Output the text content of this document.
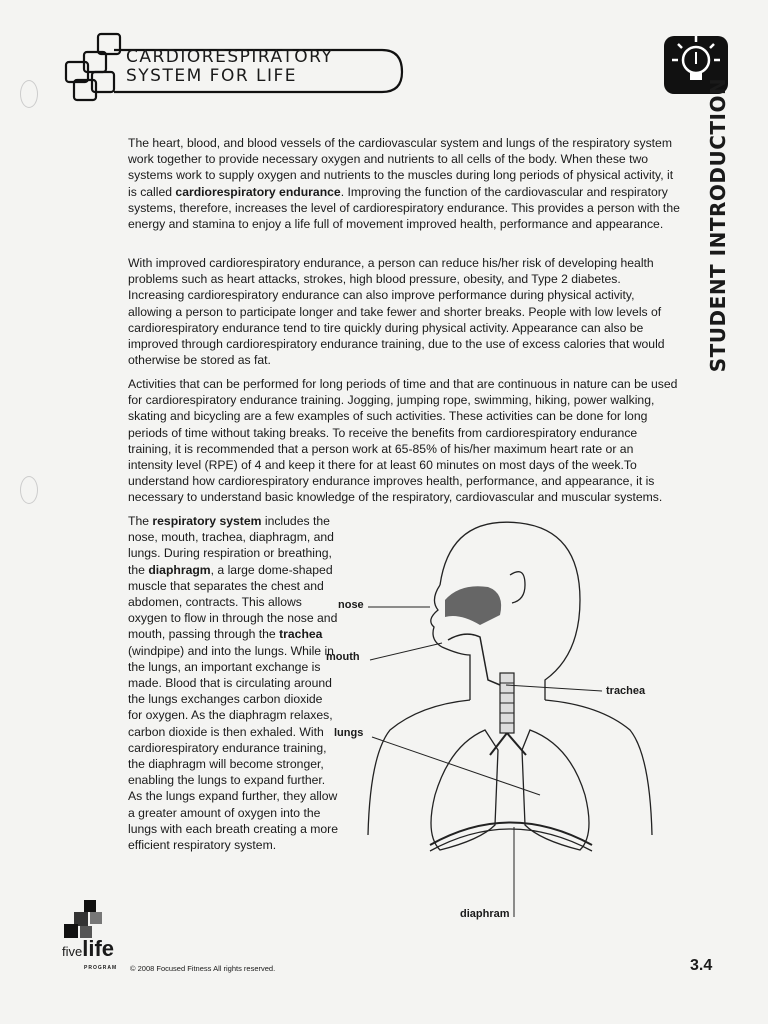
CARDIORESPIRATORY
SYSTEM FOR LIFE
STUDENT INTRODUCTION

The heart, blood, and blood vessels of the cardiovascular system and lungs of the respiratory system work together to provide necessary oxygen and nutrients to all cells of the body. When these two systems work to supply oxygen and nutrients to the muscles during long periods of physical activity, it is called cardiorespiratory endurance. Improving the function of the cardiovascular and respiratory systems, therefore, increases the level of cardiorespiratory endurance. This provides a person with the energy and stamina to enjoy a life full of movement improved health, performance and appearance.

With improved cardiorespiratory endurance, a person can reduce his/her risk of developing health problems such as heart attacks, strokes, high blood pressure, obesity, and Type 2 diabetes. Increasing cardiorespiratory endurance can also improve performance during physical activity, allowing a person to participate longer and take fewer and shorter breaks. People with low levels of cardiorespiratory endurance tend to tire quickly during physical activity. Appearance can also be improved through cardiorespiratory endurance training, due to the use of excess calories that would otherwise be stored as fat.

Activities that can be performed for long periods of time and that are continuous in nature can be used for cardiorespiratory endurance training. Jogging, jumping rope, swimming, hiking, power walking, skating and bicycling are a few examples of such activities. These activities can be done for long periods of time without taking breaks. To receive the benefits from cardiorespiratory endurance training, it is recommended that a person work at 65-85% of his/her maximum heart rate or an intensity level (RPE) of 4 and keep it there for at least 60 minutes on most days of the week.To understand how cardiorespiratory endurance improves health, performance, and appearance, it is necessary to understand basic knowledge of the respiratory, cardiovascular and muscular systems.

The respiratory system includes the nose, mouth, trachea, diaphragm, and lungs. During respiration or breathing, the diaphragm, a large dome-shaped muscle that separates the chest and abdomen, contracts. This allows oxygen to flow in through the nose and mouth, passing through the trachea (windpipe) and into the lungs. While in the lungs, an important exchange is made. Blood that is circulating around the lungs exchanges carbon dioxide for oxygen. As the diaphragm relaxes, carbon dioxide is then exhaled. With cardiorespiratory endurance training, the diaphragm will become stronger, enabling the lungs to expand further. As the lungs expand further, they allow a greater amount of oxygen into the lungs with each breath creating a more efficient respiratory system.

nose
mouth
lungs
trachea
diaphram
fivelife
PROGRAM © 2008 Focused Fitness All rights reserved.	3.4
